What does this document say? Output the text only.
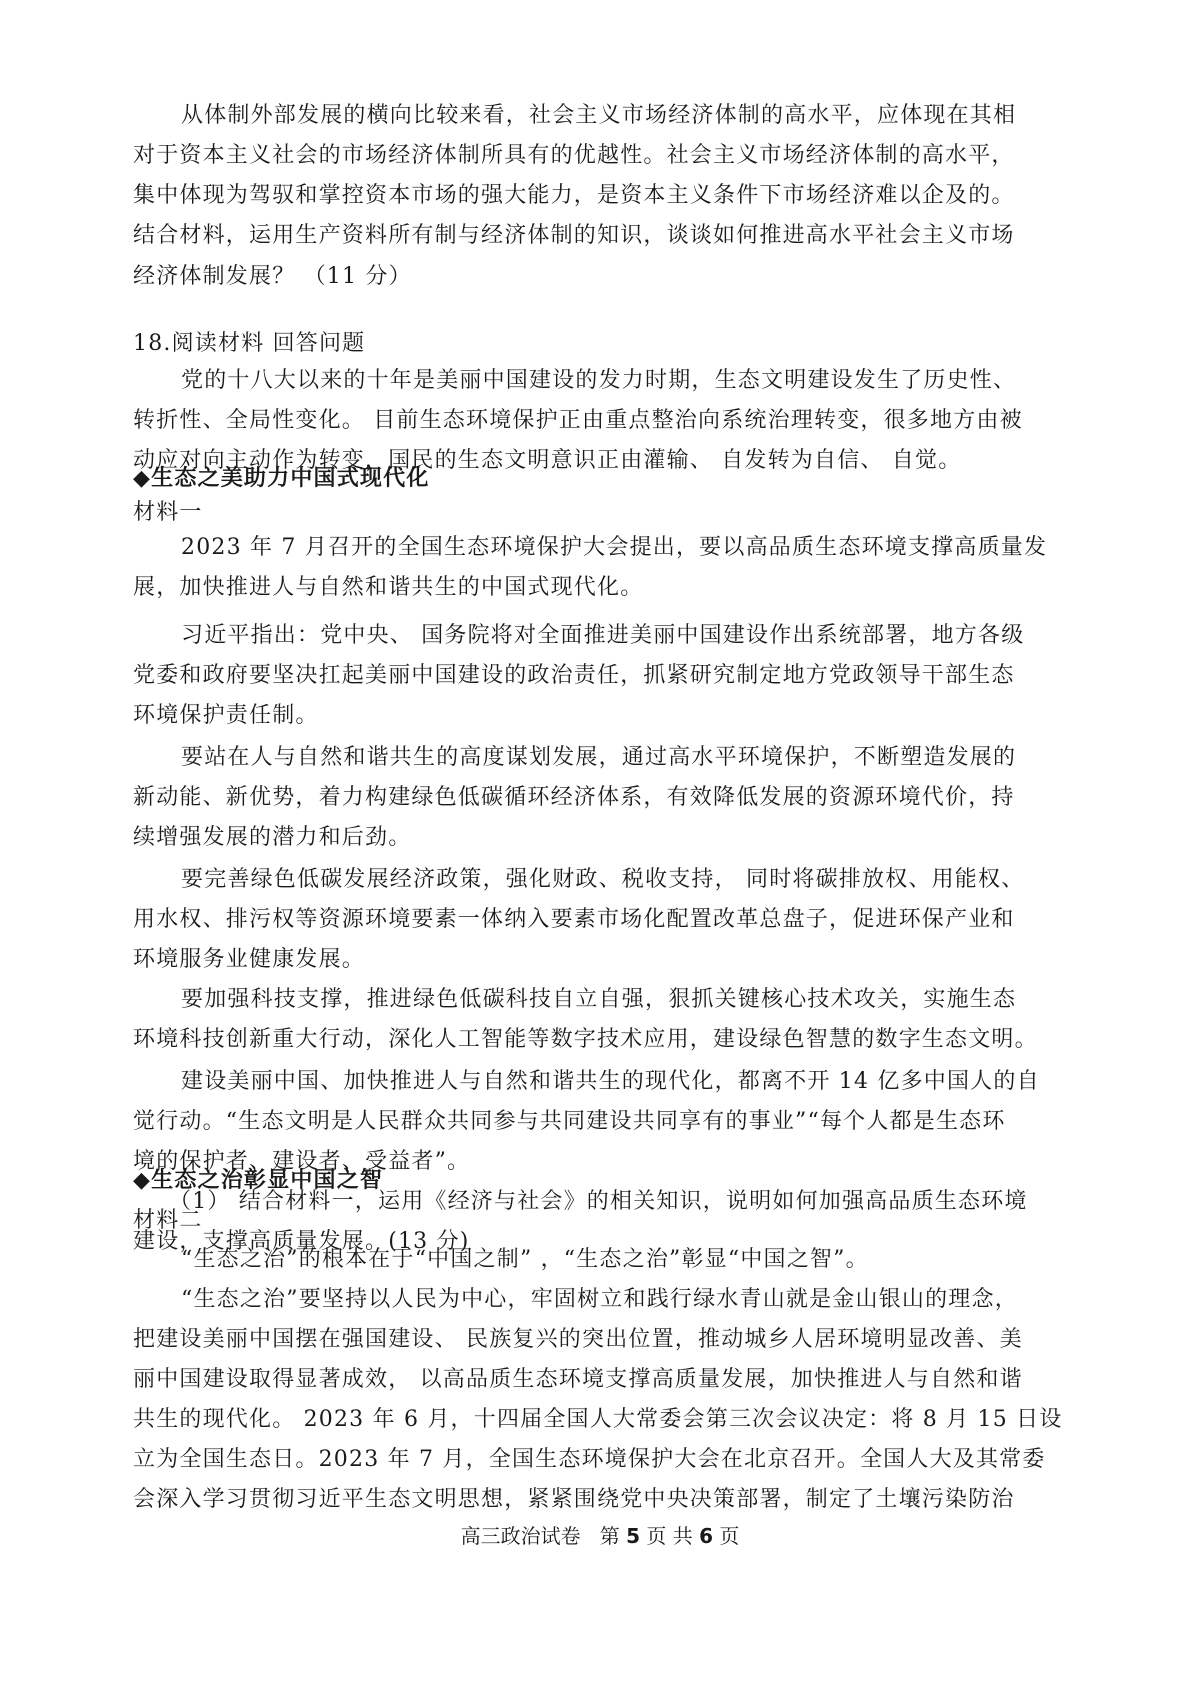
从体制外部发展的横向比较来看，社会主义市场经济体制的高水平，应体现在其相
对于资本主义社会的市场经济体制所具有的优越性。社会主义市场经济体制的高水平，
集中体现为驾驭和掌控资本市场的强大能力，是资本主义条件下市场经济难以企及的。
结合材料，运用生产资料所有制与经济体制的知识，谈谈如何推进高水平社会主义市场
经济体制发展？ （11 分）
18.阅读材料 回答问题
党的十八大以来的十年是美丽中国建设的发力时期，生态文明建设发生了历史性、
转折性、全局性变化。 目前生态环境保护正由重点整治向系统治理转变，很多地方由被
动应对向主动作为转变，国民的生态文明意识正由灌输、 自发转为自信、 自觉。
◆生态之美助力中国式现代化
材料一
2023 年 7 月召开的全国生态环境保护大会提出，要以高品质生态环境支撑高质量发
展，加快推进人与自然和谐共生的中国式现代化。
习近平指出：党中央、 国务院将对全面推进美丽中国建设作出系统部署，地方各级
党委和政府要坚决扛起美丽中国建设的政治责任，抓紧研究制定地方党政领导干部生态
环境保护责任制。
要站在人与自然和谐共生的高度谋划发展，通过高水平环境保护，不断塑造发展的
新动能、新优势，着力构建绿色低碳循环经济体系，有效降低发展的资源环境代价，持
续增强发展的潜力和后劲。
要完善绿色低碳发展经济政策，强化财政、税收支持， 同时将碳排放权、用能权、
用水权、排污权等资源环境要素一体纳入要素市场化配置改革总盘子，促进环保产业和
环境服务业健康发展。
要加强科技支撑，推进绿色低碳科技自立自强，狠抓关键核心技术攻关，实施生态
环境科技创新重大行动，深化人工智能等数字技术应用，建设绿色智慧的数字生态文明。
建设美丽中国、加快推进人与自然和谐共生的现代化，都离不开 14 亿多中国人的自
觉行动。“生态文明是人民群众共同参与共同建设共同享有的事业”“每个人都是生态环
境的保护者、建设者、受益者”。
（1） 结合材料一，运用《经济与社会》的相关知识，说明如何加强高品质生态环境
建设，支撑高质量发展。(13 分)
◆生态之治彰显中国之智
材料二
高三政治试卷 第 5 页 共 6 页
“生态之治”的根本在于“中国之制” ，“生态之治”彰显“中国之智”。
“生态之治”要坚持以人民为中心，牢固树立和践行绿水青山就是金山银山的理念，
把建设美丽中国摆在强国建设、 民族复兴的突出位置，推动城乡人居环境明显改善、美
丽中国建设取得显著成效， 以高品质生态环境支撑高质量发展，加快推进人与自然和谐
共生的现代化。 2023 年 6 月，十四届全国人大常委会第三次会议决定：将 8 月 15 日设
立为全国生态日。2023 年 7 月，全国生态环境保护大会在北京召开。全国人大及其常委
会深入学习贯彻习近平生态文明思想，紧紧围绕党中央决策部署，制定了土壤污染防治
